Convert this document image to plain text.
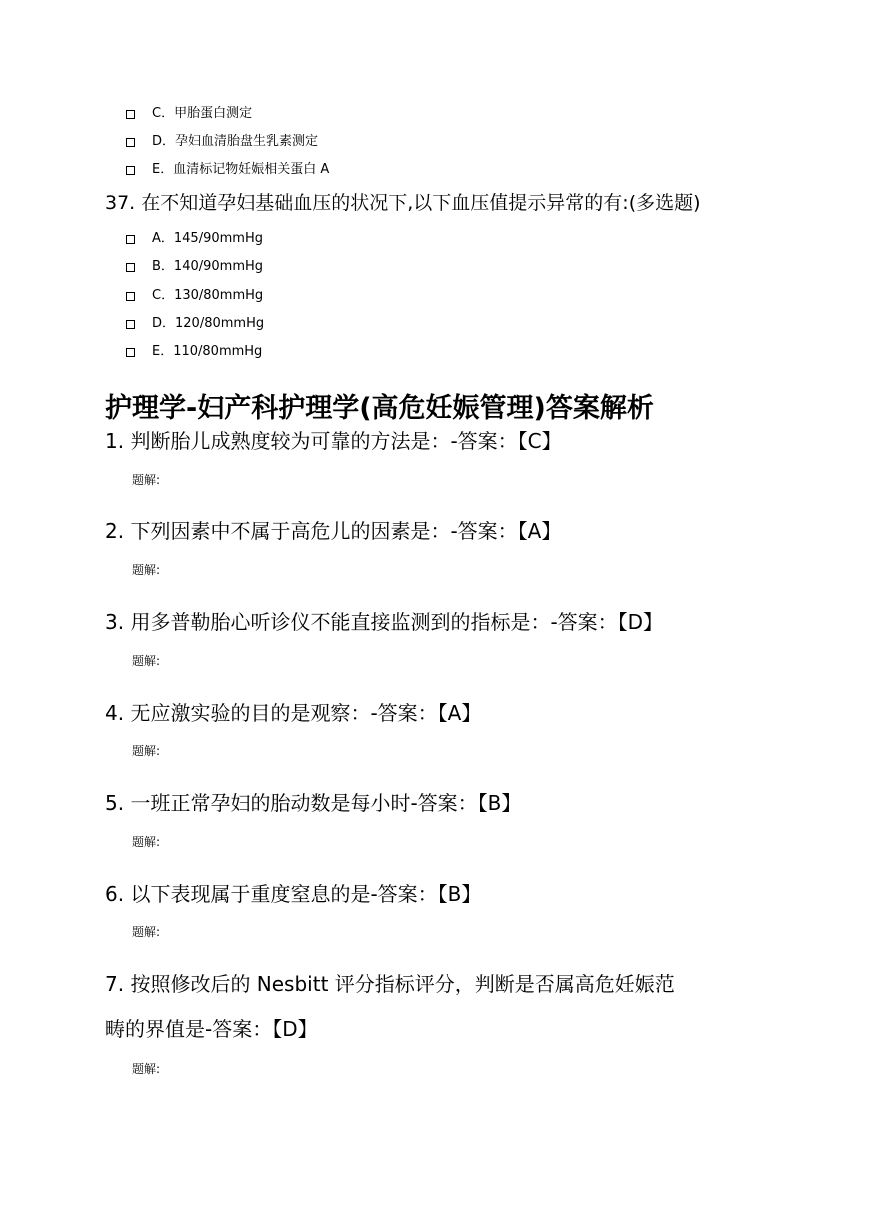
C．甲胎蛋白测定
D．孕妇血清胎盘生乳素测定
E．血清标记物妊娠相关蛋白 A
37. 在不知道孕妇基础血压的状况下,以下血压值提示异常的有:(多选题)
A．145/90mmHg
B．140/90mmHg
C．130/80mmHg
D．120/80mmHg
E．110/80mmHg
护理学-妇产科护理学(高危妊娠管理)答案解析
1. 判断胎儿成熟度较为可靠的方法是：-答案：【C】
题解:
2. 下列因素中不属于高危儿的因素是：-答案：【A】
题解:
3. 用多普勒胎心听诊仪不能直接监测到的指标是：-答案：【D】
题解:
4. 无应激实验的目的是观察：-答案：【A】
题解:
5. 一班正常孕妇的胎动数是每小时-答案：【B】
题解:
6. 以下表现属于重度窒息的是-答案：【B】
题解:
7. 按照修改后的 Nesbitt 评分指标评分，判断是否属高危妊娠范
畴的界值是-答案：【D】
题解:
